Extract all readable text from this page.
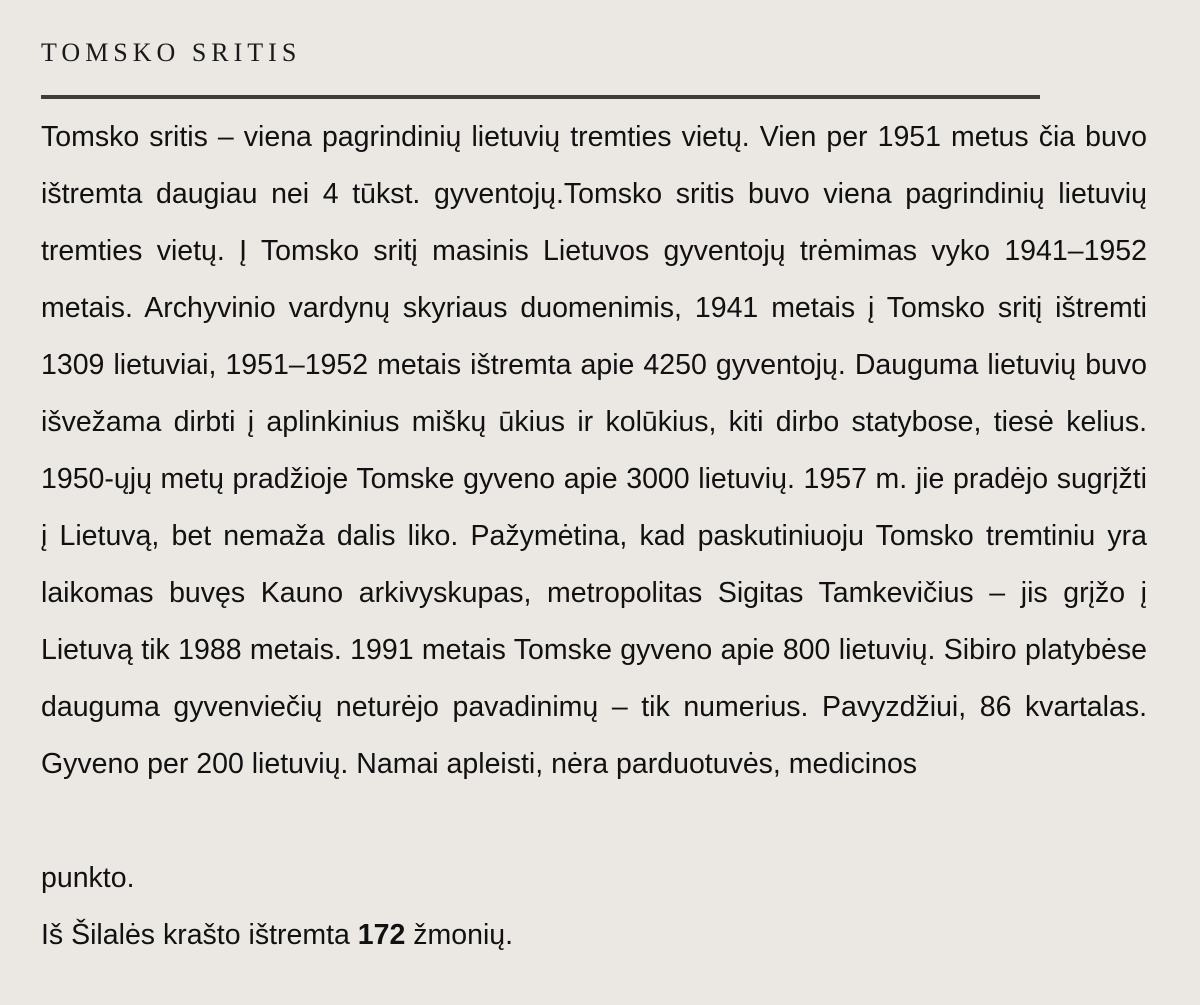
TOMSKO SRITIS

Tomsko sritis – viena pagrindinių lietuvių tremties vietų. Vien per 1951 metus čia buvo ištremta daugiau nei 4 tūkst. gyventojų.Tomsko sritis buvo viena pagrindinių lietuvių tremties vietų. Į Tomsko sritį masinis Lietuvos gyventojų trėmimas vyko 1941–1952 metais. Archyvinio vardynų skyriaus duomenimis, 1941 metais į Tomsko sritį ištremti 1309 lietuviai, 1951–1952 metais ištremta apie 4250 gyventojų. Dauguma lietuvių buvo išvežama dirbti į aplinkinius miškų ūkius ir kolūkius, kiti dirbo statybose, tiesė kelius. 1950-ųjų metų pradžioje Tomske gyveno apie 3000 lietuvių. 1957 m. jie pradėjo sugrįžti į Lietuvą, bet nemaža dalis liko. Pažymėtina, kad paskutiniuoju Tomsko tremtiniu yra laikomas buvęs Kauno arkivyskupas, metropolitas Sigitas Tamkevičius – jis grįžo į Lietuvą tik 1988 metais. 1991 metais Tomske gyveno apie 800 lietuvių. Sibiro platybėse dauguma gyvenviečių neturėjo pavadinimų – tik numerius. Pavyzdžiui, 86 kvartalas. Gyveno per 200 lietuvių. Namai apleisti, nėra parduotuvės, medicinos

punkto.

Iš Šilalės krašto ištremta 172 žmonių.
